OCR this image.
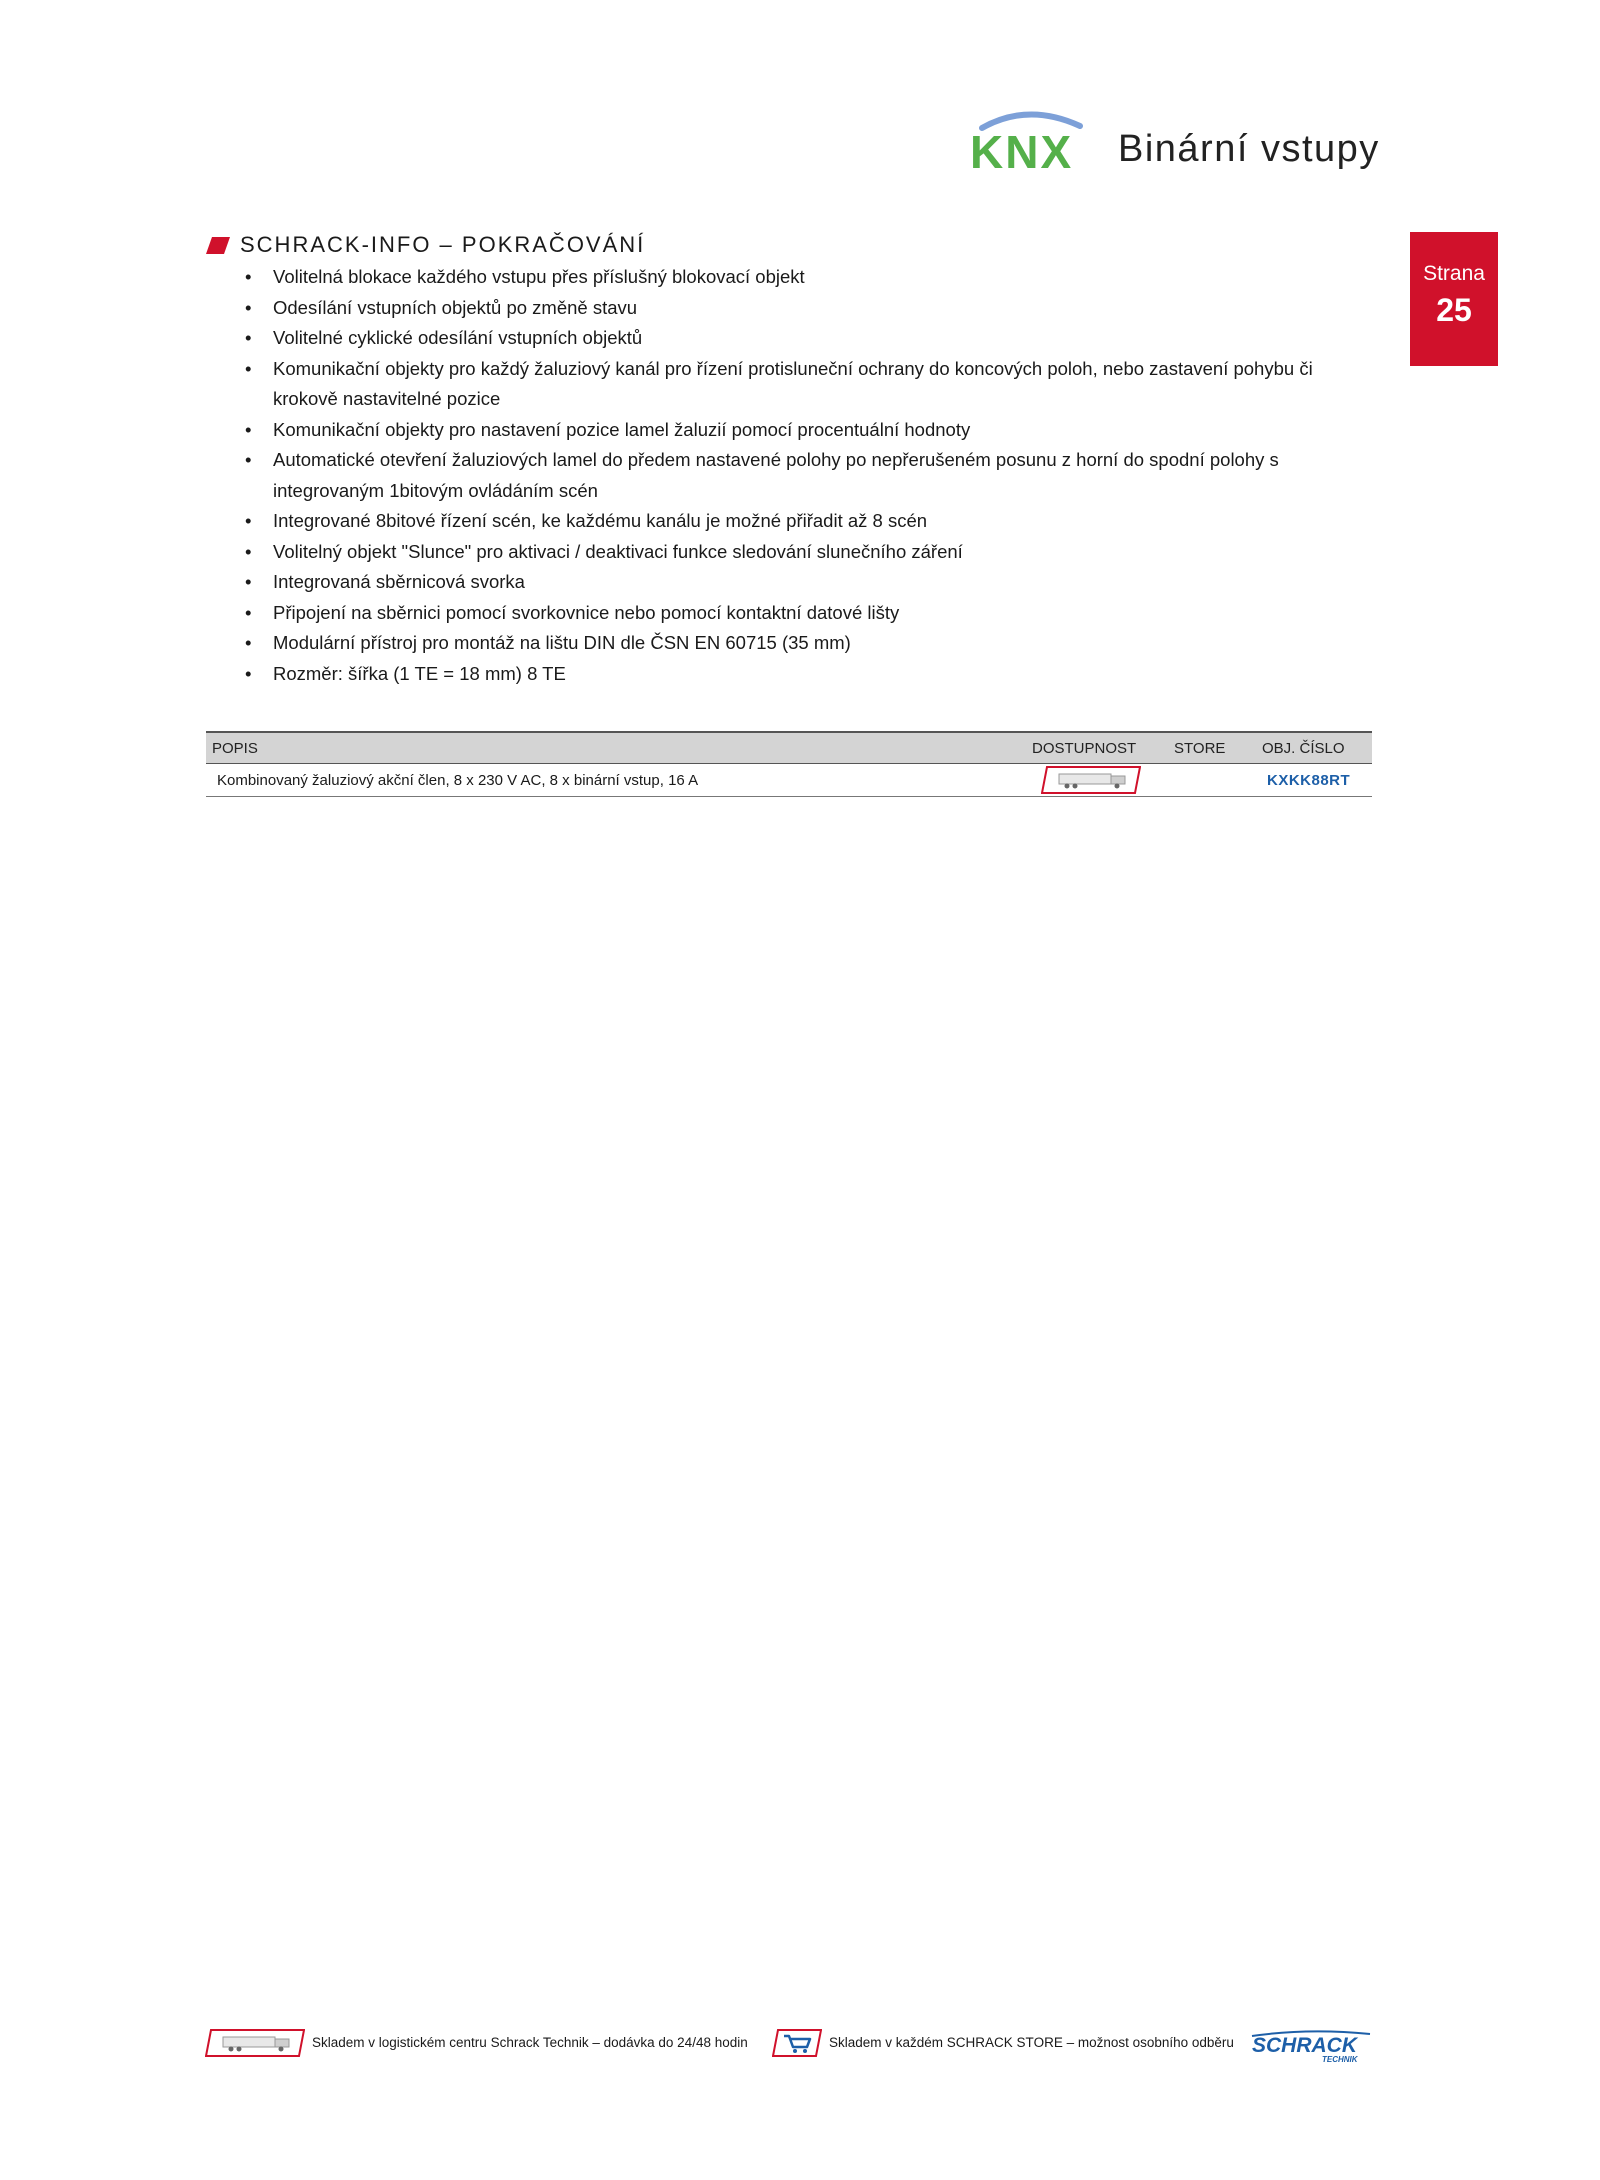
KNX Binární vstupy
Strana
25
SCHRACK-INFO – POKRAČOVÁNÍ
• Volitelná blokace každého vstupu přes příslušný blokovací objekt
• Odesílání vstupních objektů po změně stavu
• Volitelné cyklické odesílání vstupních objektů
• Komunikační objekty pro každý žaluziový kanál pro řízení protisluneční ochrany do koncových poloh, nebo zastavení pohybu či krokově nastavitelné pozice
• Komunikační objekty pro nastavení pozice lamel žaluzií pomocí procentuální hodnoty
• Automatické otevření žaluziových lamel do předem nastavené polohy po nepřerušeném posunu z horní do spodní polohy s integrovaným 1bitovým ovládáním scén
• Integrované 8bitové řízení scén, ke každému kanálu je možné přiřadit až 8 scén
• Volitelný objekt "Slunce" pro aktivaci / deaktivaci funkce sledování slunečního záření
• Integrovaná sběrnicová svorka
• Připojení na sběrnici pomocí svorkovnice nebo pomocí kontaktní datové lišty
• Modulární přístroj pro montáž na lištu DIN dle ČSN EN 60715 (35 mm)
• Rozměr: šířka (1 TE = 18 mm) 8 TE
POPIS	DOSTUPNOST	STORE	OBJ. ČÍSLO
Kombinovaný žaluziový akční člen, 8 x 230 V AC, 8 x binární vstup, 16 A			KXKK88RT
Skladem v logistickém centru Schrack Technik – dodávka do 24/48 hodin	Skladem v každém SCHRACK STORE – možnost osobního odběru SCHRACK
TECHNIK
